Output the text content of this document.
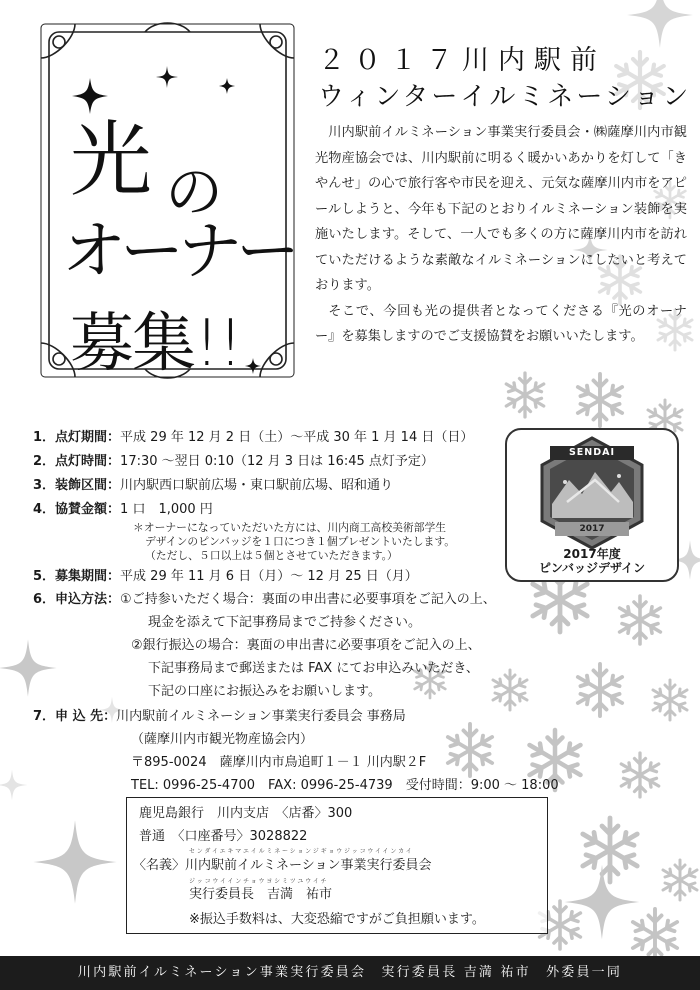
光 の
オーナー
募集!!
２０１７川内駅前
ウィンターイルミネーション

川内駅前イルミネーション事業実行委員会・㈱薩摩川内市観光物産協会では、川内駅前に明るく暖かいあかりを灯して「きやんせ」の心で旅行客や市民を迎え、元気な薩摩川内市をアピールしようと、今年も下記のとおりイルミネーション装飾を実施いたします。そして、一人でも多くの方に薩摩川内市を訪れていただけるような素敵なイルミネーションにしたいと考えております。

そこで、今回も光の提供者となってくださる『光のオーナー』を募集しますのでご支援協賛をお願いいたします。

SENDAI
2017
2017年度
ピンバッジデザイン
1．点灯期間：平成 29 年 12 月 2 日（土）～平成 30 年 1 月 14 日（日）
2．点灯時間：17:30 ～翌日 0:10（12 月 3 日は 16:45 点灯予定）
3．装飾区間：川内駅西口駅前広場・東口駅前広場、昭和通り
4．協賛金額：1 口　1,000 円
＊オーナーになっていただいた方には、川内商工高校美術部学生
デザインのピンバッジを１口につき１個プレゼントいたします。
（ただし、５口以上は５個とさせていただきます。）
5．募集期間：平成 29 年 11 月 6 日（月）～ 12 月 25 日（月）
6．申込方法：①ご持参いただく場合：裏面の申出書に必要事項をご記入の上、
現金を添えて下記事務局までご持参ください。
②銀行振込の場合：裏面の申出書に必要事項をご記入の上、
下記事務局まで郵送または FAX にてお申込みいただき、
下記の口座にお振込みをお願いします。
7．申 込 先：川内駅前イルミネーション事業実行委員会 事務局
（薩摩川内市観光物産協会内）
〒895-0024　薩摩川内市鳥追町１－１ 川内駅２F
TEL: 0996-25-4700　FAX: 0996-25-4739　受付時間：9:00 ～ 18:00
鹿児島銀行　川内支店　〈店番〉300
普通　〈口座番号〉3028822
センダイエキマエイルミネーションジギョウジッコウイインカイ
〈名義〉川内駅前イルミネーション事業実行委員会
ジッコウイインチョウヨシミツユウイチ
実行委員長　吉満　祐市
※振込手数料は、大変恐縮ですがご負担願います。
川内駅前イルミネーション事業実行委員会　実行委員長 吉満 祐市　外委員一同
